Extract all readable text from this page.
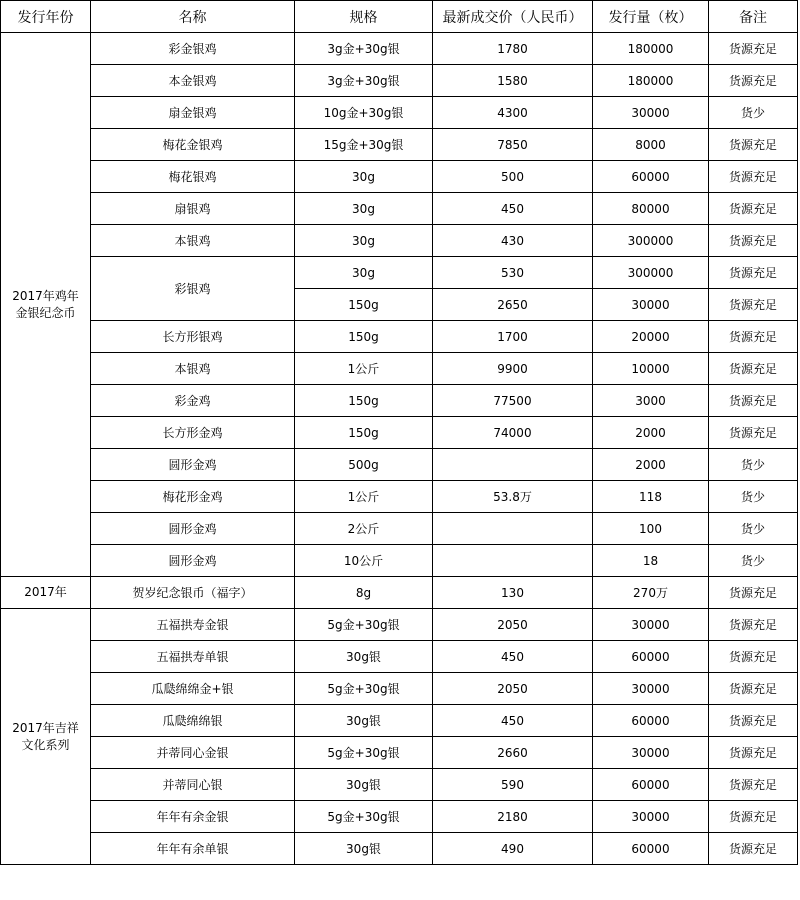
发行年份	名称	规格	最新成交价（人民币）	发行量（枚）	备注

2017年鸡年
金银纪念币	彩金银鸡	3g金+30g银	1780	180000	货源充足
	本金银鸡	3g金+30g银	1580	180000	货源充足
	扇金银鸡	10g金+30g银	4300	30000	货少
	梅花金银鸡	15g金+30g银	7850	8000	货源充足
	梅花银鸡	30g	500	60000	货源充足
	扇银鸡	30g	450	80000	货源充足
	本银鸡	30g	430	300000	货源充足
	彩银鸡	30g	530	300000	货源充足
		150g	2650	30000	货源充足
	长方形银鸡	150g	1700	20000	货源充足
	本银鸡	1公斤	9900	10000	货源充足
	彩金鸡	150g	77500	3000	货源充足
	长方形金鸡	150g	74000	2000	货源充足
	圆形金鸡	500g		2000	货少
	梅花形金鸡	1公斤	53.8万	118	货少
	圆形金鸡	2公斤		100	货少
	圆形金鸡	10公斤		18	货少

2017年	贺岁纪念银币（福字）	8g	130	270万	货源充足

2017年吉祥
文化系列	五福拱寿金银	5g金+30g银	2050	30000	货源充足
	五福拱寿单银	30g银	450	60000	货源充足
	瓜瓞绵绵金+银	5g金+30g银	2050	30000	货源充足
	瓜瓞绵绵银	30g银	450	60000	货源充足
	并蒂同心金银	5g金+30g银	2660	30000	货源充足
	并蒂同心银	30g银	590	60000	货源充足
	年年有余金银	5g金+30g银	2180	30000	货源充足
	年年有余单银	30g银	490	60000	货源充足
